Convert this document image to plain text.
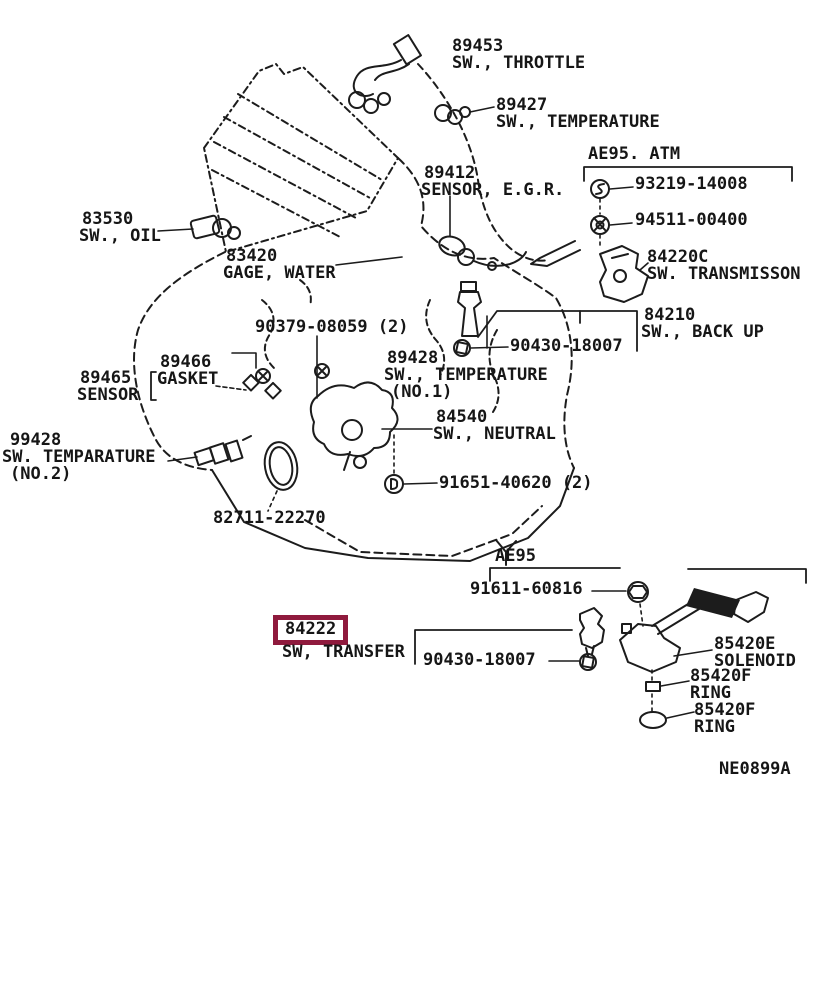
89453
SW., THROTTLE
89427
SW., TEMPERATURE
AE95. ATM
93219-14008
94511-00400
84220C
SW. TRANSMISSON
89412
SENSOR, E.G.R.
83530
SW., OIL
83420
GAGE, WATER
90379-08059 (2)
89428
SW., TEMPERATURE
(NO.1)
90430-18007
84210
SW., BACK UP
89466
GASKET
89465
SENSOR
84540
SW., NEUTRAL
99428
SW. TEMPARATURE
(NO.2)	91651-40620 (2)
82711-22270
AE95
91611-60816
84222
SW, TRANSFER 90430-18007
85420E
SOLENOID
85420F
RING
85420F
RING
NE0899A
